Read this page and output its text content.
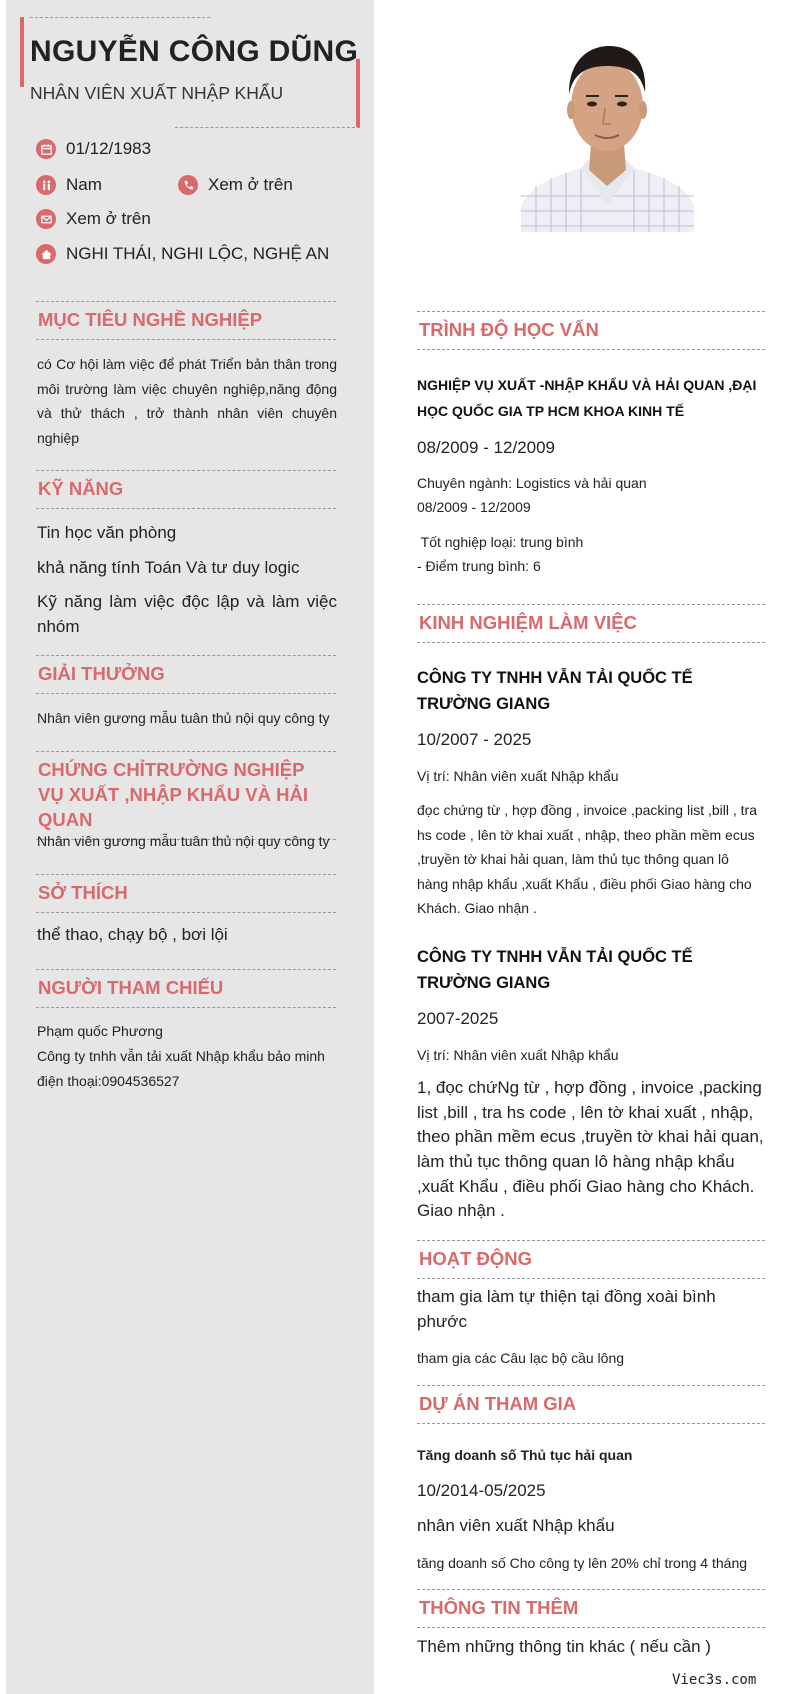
NGUYỄN CÔNG DŨNG
NHÂN VIÊN XUẤT NHẬP KHẨU
01/12/1983
Nam	Xem ở trên
Xem ở trên
NGHI THÁI, NGHI LỘC, NGHỆ AN
MỤC TIÊU NGHỀ NGHIỆP
có Cơ hội làm việc để phát Triển bản thân trong môi trường làm việc chuyên nghiệp,năng động và thử thách , trở thành nhân viên chuyên nghiệp
KỸ NĂNG
Tin học văn phòng
khả năng tính Toán Và tư duy logic
Kỹ năng làm việc độc lập và làm việc nhóm
GIẢI THƯỞNG
Nhân viên gương mẫu tuân thủ nội quy công ty
CHỨNG CHỈTRƯỜNG NGHIỆP VỤ XUẤT ,NHẬP KHẨU VÀ HẢI QUAN
Nhân viên gương mẫu tuân thủ nội quy công ty
SỞ THÍCH
thể thao, chạy bộ , bơi lội
NGƯỜI THAM CHIẾU
Phạm quốc Phương
Công ty tnhh vẫn tải xuất Nhập khẩu bảo minh
điện thoại:0904536527
TRÌNH ĐỘ HỌC VẤN
NGHIỆP VỤ XUẤT -NHẬP KHẨU VÀ HẢI QUAN ,ĐẠI HỌC QUỐC GIA TP HCM KHOA KINH TẾ
08/2009 - 12/2009
Chuyên ngành: Logistics và hải quan
08/2009 - 12/2009
Tốt nghiệp loại: trung bình
- Điểm trung bình: 6
KINH NGHIỆM LÀM VIỆC
CÔNG TY TNHH VẪN TẢI QUỐC TẾ TRƯỜNG GIANG
10/2007 - 2025
Vị trí: Nhân viên xuất Nhập khẩu
đọc chứng từ , hợp đồng , invoice ,packing list ,bill , tra hs code , lên tờ khai xuất , nhập, theo phần mềm ecus ,truyền tờ khai hải quan, làm thủ tục thông quan lô hàng nhập khẩu ,xuất Khẩu , điều phối Giao hàng cho Khách. Giao nhận .
CÔNG TY TNHH VẪN TẢI QUỐC TẾ TRƯỜNG GIANG
2007-2025
Vị trí: Nhân viên xuất Nhập khẩu
1, đọc chứNg từ , hợp đồng , invoice ,packing list ,bill , tra hs code , lên tờ khai xuất , nhập, theo phần mềm ecus ,truyền tờ khai hải quan, làm thủ tục thông quan lô hàng nhập khẩu ,xuất Khẩu , điều phối Giao hàng cho Khách. Giao nhận .
HOẠT ĐỘNG
tham gia làm tự thiện tại đồng xoài bình phước
tham gia các Câu lạc bộ cầu lông
DỰ ÁN THAM GIA
Tăng doanh số Thủ tục hải quan
10/2014-05/2025
nhân viên xuất Nhập khẩu
tăng doanh số Cho công ty lên 20% chỉ trong 4 tháng
THÔNG TIN THÊM
Thêm những thông tin khác ( nếu cần )
Viec3s.com
